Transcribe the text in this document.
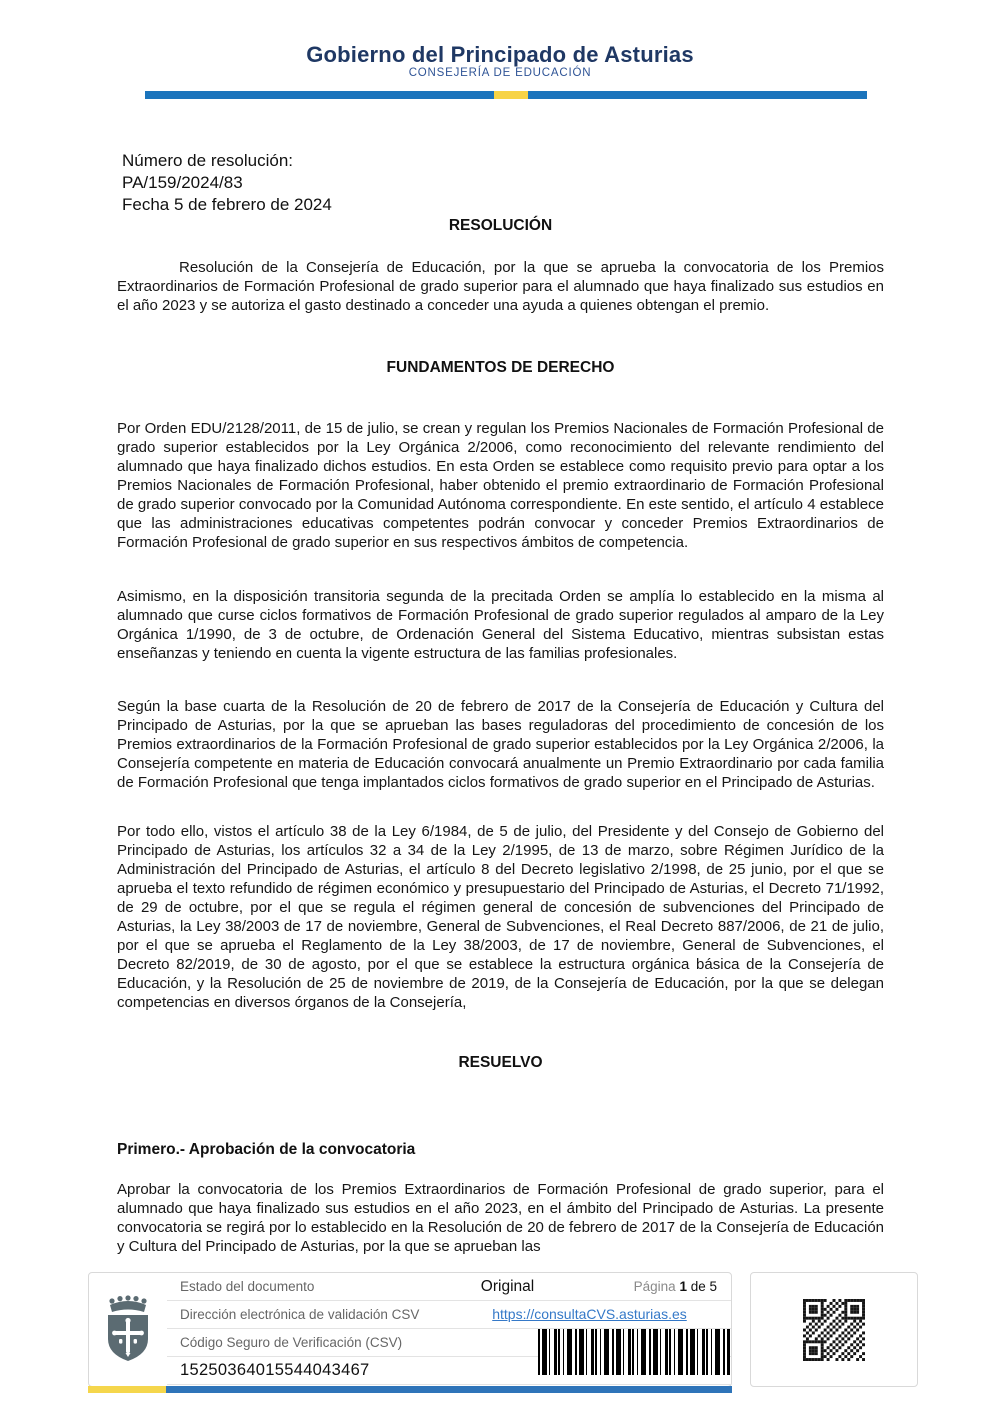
Gobierno del Principado de Asturias
CONSEJERÍA DE EDUCACIÓN
Número de resolución:
PA/159/2024/83
Fecha 5 de febrero de 2024
RESOLUCIÓN
Resolución de la Consejería de Educación, por la que se aprueba la convocatoria de los Premios Extraordinarios de Formación Profesional de grado superior para el alumnado que haya finalizado sus estudios en el año 2023 y se autoriza el gasto destinado a conceder una ayuda a quienes obtengan el premio.
FUNDAMENTOS DE DERECHO
Por Orden EDU/2128/2011, de 15 de julio, se crean y regulan los Premios Nacionales de Formación Profesional de grado superior establecidos por la Ley Orgánica 2/2006, como reconocimiento del relevante rendimiento del alumnado que haya finalizado dichos estudios. En esta Orden se establece como requisito previo para optar a los Premios Nacionales de Formación Profesional, haber obtenido el premio extraordinario de Formación Profesional de grado superior convocado por la Comunidad Autónoma correspondiente. En este sentido, el artículo 4 establece que las administraciones educativas competentes podrán convocar y conceder Premios Extraordinarios de Formación Profesional de grado superior en sus respectivos ámbitos de competencia.
Asimismo, en la disposición transitoria segunda de la precitada Orden se amplía lo establecido en la misma al alumnado que curse ciclos formativos de Formación Profesional de grado superior regulados al amparo de la Ley Orgánica 1/1990, de 3 de octubre, de Ordenación General del Sistema Educativo, mientras subsistan estas enseñanzas y teniendo en cuenta la vigente estructura de las familias profesionales.
Según la base cuarta de la Resolución de 20 de febrero de 2017 de la Consejería de Educación y Cultura del Principado de Asturias, por la que se aprueban las bases reguladoras del procedimiento de concesión de los Premios extraordinarios de la Formación Profesional de grado superior establecidos por la Ley Orgánica 2/2006, la Consejería competente en materia de Educación convocará anualmente un Premio Extraordinario por cada familia de Formación Profesional que tenga implantados ciclos formativos de grado superior en el Principado de Asturias.
Por todo ello, vistos el artículo 38 de la Ley 6/1984, de 5 de julio, del Presidente y del Consejo de Gobierno del Principado de Asturias, los artículos 32 a 34 de la Ley 2/1995, de 13 de marzo, sobre Régimen Jurídico de la Administración del Principado de Asturias, el artículo 8 del Decreto legislativo 2/1998, de 25 junio, por el que se aprueba el texto refundido de régimen económico y presupuestario del Principado de Asturias, el Decreto 71/1992, de 29 de octubre, por el que se regula el régimen general de concesión de subvenciones del Principado de Asturias, la Ley 38/2003 de 17 de noviembre, General de Subvenciones, el Real Decreto 887/2006, de 21 de julio, por el que se aprueba el Reglamento de la Ley 38/2003, de 17 de noviembre, General de Subvenciones, el Decreto 82/2019, de 30 de agosto, por el que se establece la estructura orgánica básica de la Consejería de Educación, y la Resolución de 25 de noviembre de 2019, de la Consejería de Educación, por la que se delegan competencias en diversos órganos de la Consejería,
RESUELVO
Primero.- Aprobación de la convocatoria
Aprobar la convocatoria de los Premios Extraordinarios de Formación Profesional de grado superior, para el alumnado que haya finalizado sus estudios en el año 2023, en el ámbito del Principado de Asturias. La presente convocatoria se regirá por lo establecido en la Resolución de 20 de febrero de 2017 de la Consejería de Educación y Cultura del Principado de Asturias, por la que se aprueban las
Estado del documento	Original	Página 1 de 5
Dirección electrónica de validación CSV	https://consultaCVS.asturias.es
Código Seguro de Verificación (CSV)
15250364015544043467
